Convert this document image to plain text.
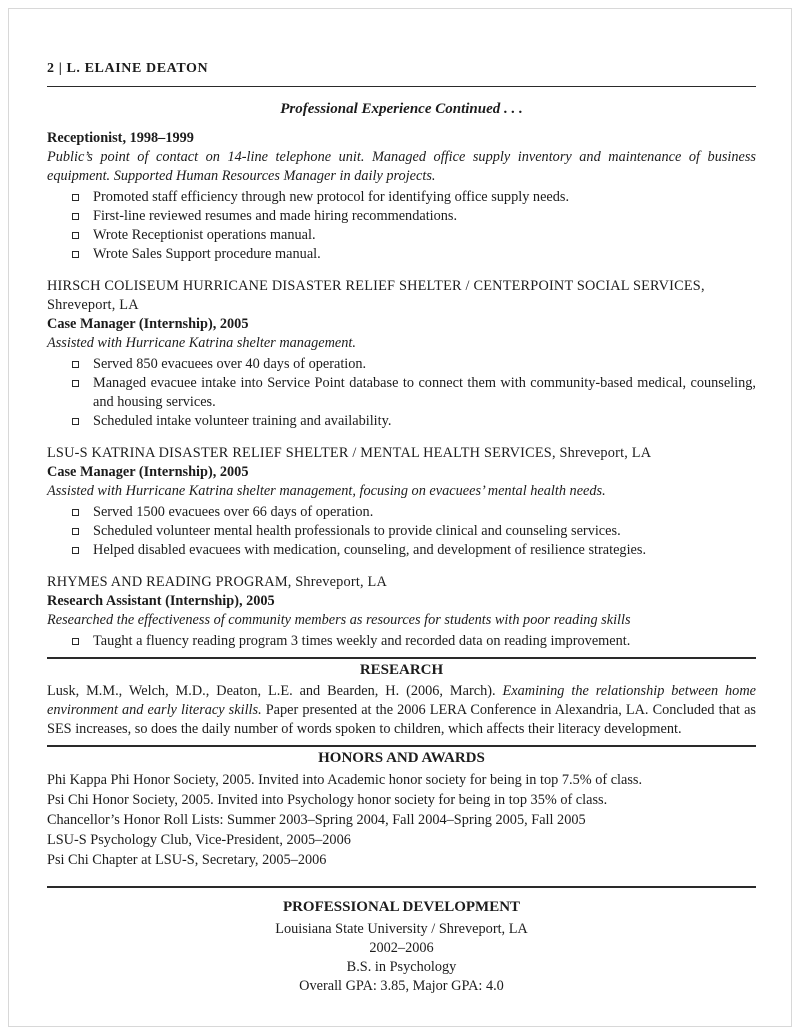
2 | L. ELAINE DEATON
Professional Experience Continued . . .
Receptionist, 1998–1999
Public’s point of contact on 14-line telephone unit. Managed office supply inventory and maintenance of business equipment. Supported Human Resources Manager in daily projects.
Promoted staff efficiency through new protocol for identifying office supply needs.
First-line reviewed resumes and made hiring recommendations.
Wrote Receptionist operations manual.
Wrote Sales Support procedure manual.
HIRSCH COLISEUM HURRICANE DISASTER RELIEF SHELTER / CENTERPOINT SOCIAL SERVICES, Shreveport, LA
Case Manager (Internship), 2005
Assisted with Hurricane Katrina shelter management.
Served 850 evacuees over 40 days of operation.
Managed evacuee intake into Service Point database to connect them with community-based medical, counseling, and housing services.
Scheduled intake volunteer training and availability.
LSU-S KATRINA DISASTER RELIEF SHELTER / MENTAL HEALTH SERVICES, Shreveport, LA
Case Manager (Internship), 2005
Assisted with Hurricane Katrina shelter management, focusing on evacuees’ mental health needs.
Served 1500 evacuees over 66 days of operation.
Scheduled volunteer mental health professionals to provide clinical and counseling services.
Helped disabled evacuees with medication, counseling, and development of resilience strategies.
RHYMES AND READING PROGRAM, Shreveport, LA
Research Assistant (Internship), 2005
Researched the effectiveness of community members as resources for students with poor reading skills
Taught a fluency reading program 3 times weekly and recorded data on reading improvement.
RESEARCH
Lusk, M.M., Welch, M.D., Deaton, L.E. and Bearden, H. (2006, March). Examining the relationship between home environment and early literacy skills. Paper presented at the 2006 LERA Conference in Alexandria, LA. Concluded that as SES increases, so does the daily number of words spoken to children, which affects their literacy development.
HONORS AND AWARDS
Phi Kappa Phi Honor Society, 2005. Invited into Academic honor society for being in top 7.5% of class.
Psi Chi Honor Society, 2005. Invited into Psychology honor society for being in top 35% of class.
Chancellor’s Honor Roll Lists: Summer 2003–Spring 2004, Fall 2004–Spring 2005, Fall 2005
LSU-S Psychology Club, Vice-President, 2005–2006
Psi Chi Chapter at LSU-S, Secretary, 2005–2006
PROFESSIONAL DEVELOPMENT
Louisiana State University / Shreveport, LA
2002–2006
B.S. in Psychology
Overall GPA: 3.85, Major GPA: 4.0
